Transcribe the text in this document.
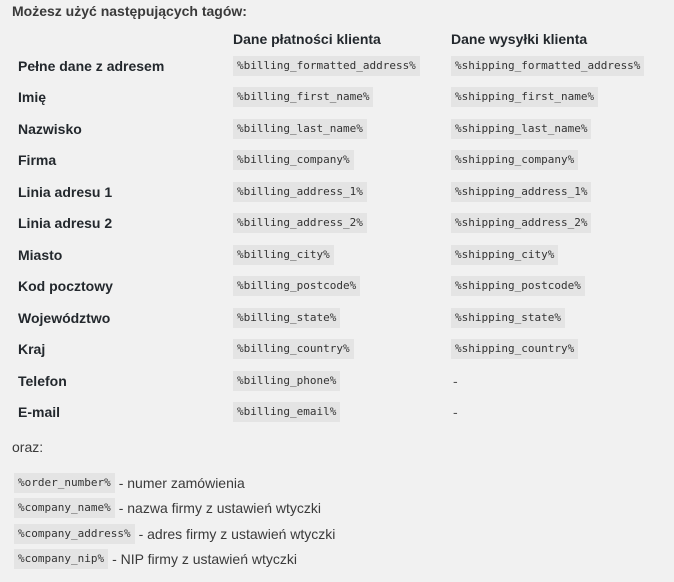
Możesz użyć następujących tagów:
	Dane płatności klienta	Dane wysyłki klienta
Pełne dane z adresem	%billing_formatted_address%	%shipping_formatted_address%
Imię	%billing_first_name%	%shipping_first_name%
Nazwisko	%billing_last_name%	%shipping_last_name%
Firma	%billing_company%	%shipping_company%
Linia adresu 1	%billing_address_1%	%shipping_address_1%
Linia adresu 2	%billing_address_2%	%shipping_address_2%
Miasto	%billing_city%	%shipping_city%
Kod pocztowy	%billing_postcode%	%shipping_postcode%
Województwo	%billing_state%	%shipping_state%
Kraj	%billing_country%	%shipping_country%
Telefon	%billing_phone%	-
E-mail	%billing_email%	-
oraz:
%order_number% - numer zamówienia
%company_name% - nazwa firmy z ustawień wtyczki
%company_address% - adres firmy z ustawień wtyczki
%company_nip% - NIP firmy z ustawień wtyczki
